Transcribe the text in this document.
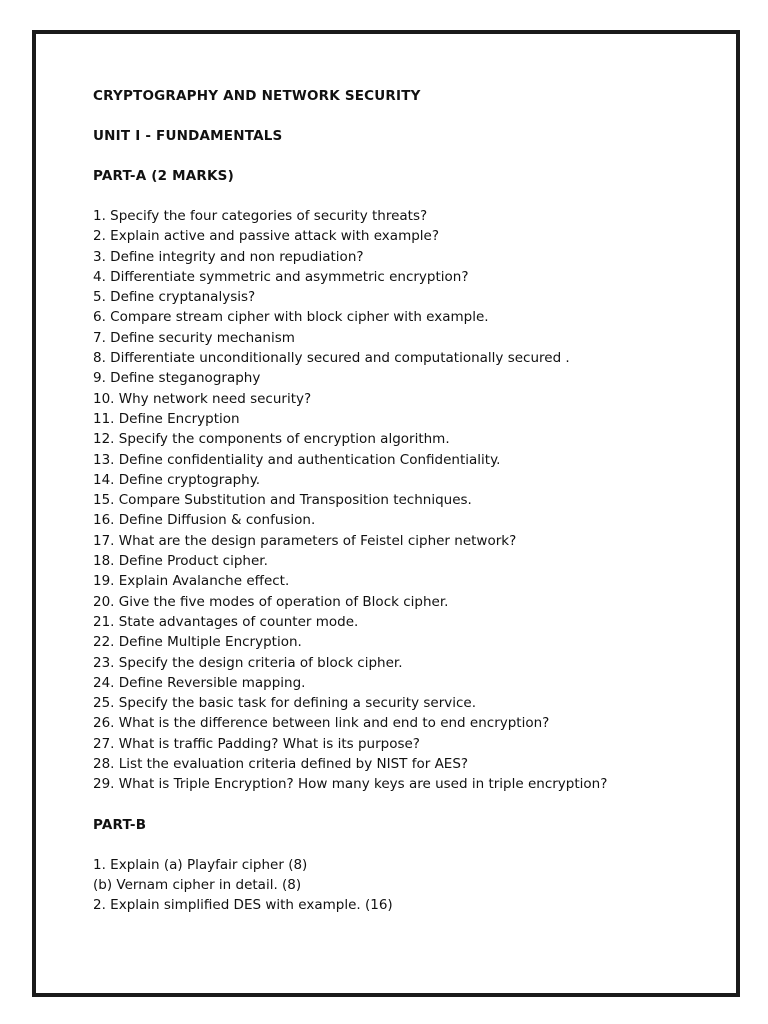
CRYPTOGRAPHY AND NETWORK SECURITY

UNIT I - FUNDAMENTALS

PART-A (2 MARKS)

1. Specify the four categories of security threats?

2. Explain active and passive attack with example?

3. Define integrity and non repudiation?

4. Differentiate symmetric and asymmetric encryption?

5. Define cryptanalysis?

6. Compare stream cipher with block cipher with example.

7. Define security mechanism

8. Differentiate unconditionally secured and computationally secured .

9. Define steganography

10. Why network need security?

11. Define Encryption

12. Specify the components of encryption algorithm.

13. Define confidentiality and authentication Confidentiality.

14. Define cryptography.

15. Compare Substitution and Transposition techniques.

16. Define Diffusion & confusion.

17. What are the design parameters of Feistel cipher network?

18. Define Product cipher.

19. Explain Avalanche effect.

20. Give the five modes of operation of Block cipher.

21. State advantages of counter mode.

22. Define Multiple Encryption.

23. Specify the design criteria of block cipher.

24. Define Reversible mapping.

25. Specify the basic task for defining a security service.

26. What is the difference between link and end to end encryption?

27. What is traffic Padding? What is its purpose?

28. List the evaluation criteria defined by NIST for AES?

29. What is Triple Encryption? How many keys are used in triple encryption?

PART-B

1. Explain (a) Playfair cipher (8)

(b) Vernam cipher in detail. (8)

2. Explain simplified DES with example. (16)
